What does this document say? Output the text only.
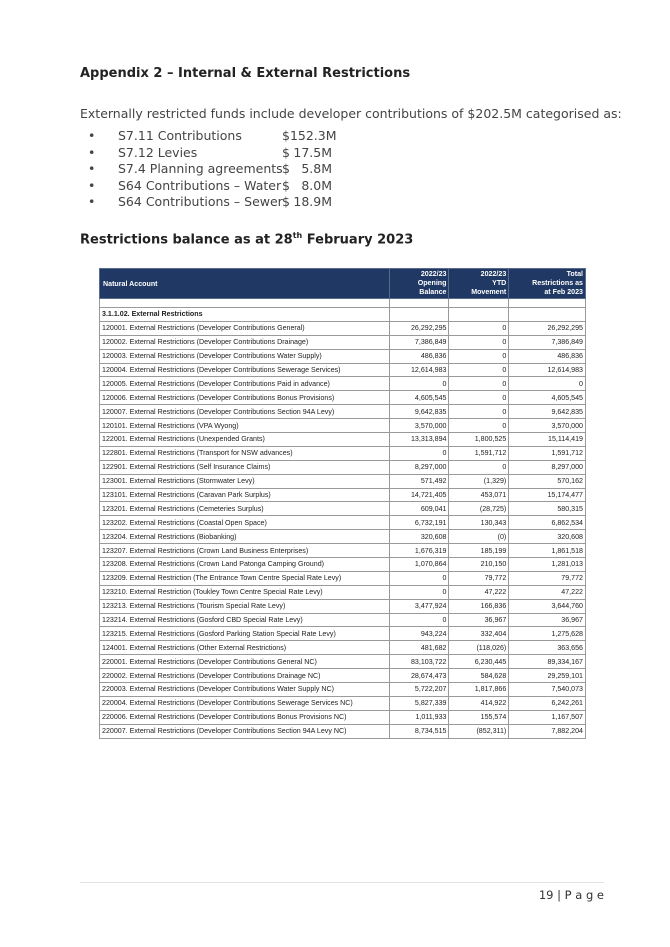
Appendix 2 – Internal & External Restrictions
Externally restricted funds include developer contributions of $202.5M categorised as:
• S7.11 Contributions	$152.3M
• S7.12 Levies	$ 17.5M
• S7.4 Planning agreements $ 5.8M
• S64 Contributions – Water $ 8.0M
• S64 Contributions – Sewer $ 18.9M
Restrictions balance as at 28th February 2023
Natural Account	2022/23
Opening
Balance	2022/23
YTD
Movement	Total
Restrictions as
at Feb 2023

3.1.1.02. External Restrictions			
120001. External Restrictions (Developer Contributions General)	26,292,295	0	26,292,295
120002. External Restrictions (Developer Contributions Drainage)	7,386,849	0	7,386,849
120003. External Restrictions (Developer Contributions Water Supply)	486,836	0	486,836
120004. External Restrictions (Developer Contributions Sewerage Services)	12,614,983	0	12,614,983
120005. External Restrictions (Developer Contributions Paid in advance)	0	0	0
120006. External Restrictions (Developer Contributions Bonus Provisions)	4,605,545	0	4,605,545
120007. External Restrictions (Developer Contributions Section 94A Levy)	9,642,835	0	9,642,835
120101. External Restrictions (VPA Wyong)	3,570,000	0	3,570,000
122001. External Restrictions (Unexpended Grants)	13,313,894	1,800,525	15,114,419
122801. External Restrictions (Transport for NSW advances)	0	1,591,712	1,591,712
122901. External Restrictions (Self Insurance Claims)	8,297,000	0	8,297,000
123001. External Restrictions (Stormwater Levy)	571,492	(1,329)	570,162
123101. External Restrictions (Caravan Park Surplus)	14,721,405	453,071	15,174,477
123201. External Restrictions (Cemeteries Surplus)	609,041	(28,725)	580,315
123202. External Restrictions (Coastal Open Space)	6,732,191	130,343	6,862,534
123204. External Restrictions (Biobanking)	320,608	(0)	320,608
123207. External Restrictions (Crown Land Business Enterprises)	1,676,319	185,199	1,861,518
123208. External Restrictions (Crown Land Patonga Camping Ground)	1,070,864	210,150	1,281,013
123209. External Restriction (The Entrance Town Centre Special Rate Levy)	0	79,772	79,772
123210. External Restriction (Toukley Town Centre Special Rate Levy)	0	47,222	47,222
123213. External Restrictions (Tourism Special Rate Levy)	3,477,924	166,836	3,644,760
123214. External Restrictions (Gosford CBD Special Rate Levy)	0	36,967	36,967
123215. External Restrictions (Gosford Parking Station Special Rate Levy)	943,224	332,404	1,275,628
124001. External Restrictions (Other External Restrictions)	481,682	(118,026)	363,656
220001. External Restrictions (Developer Contributions General NC)	83,103,722	6,230,445	89,334,167
220002. External Restrictions (Developer Contributions Drainage NC)	28,674,473	584,628	29,259,101
220003. External Restrictions (Developer Contributions Water Supply NC)	5,722,207	1,817,866	7,540,073
220004. External Restrictions (Developer Contributions Sewerage Services NC)	5,827,339	414,922	6,242,261
220006. External Restrictions (Developer Contributions Bonus Provisions NC)	1,011,933	155,574	1,167,507
220007. External Restrictions (Developer Contributions Section 94A Levy NC)	8,734,515	(852,311)	7,882,204
19 | P a g e
